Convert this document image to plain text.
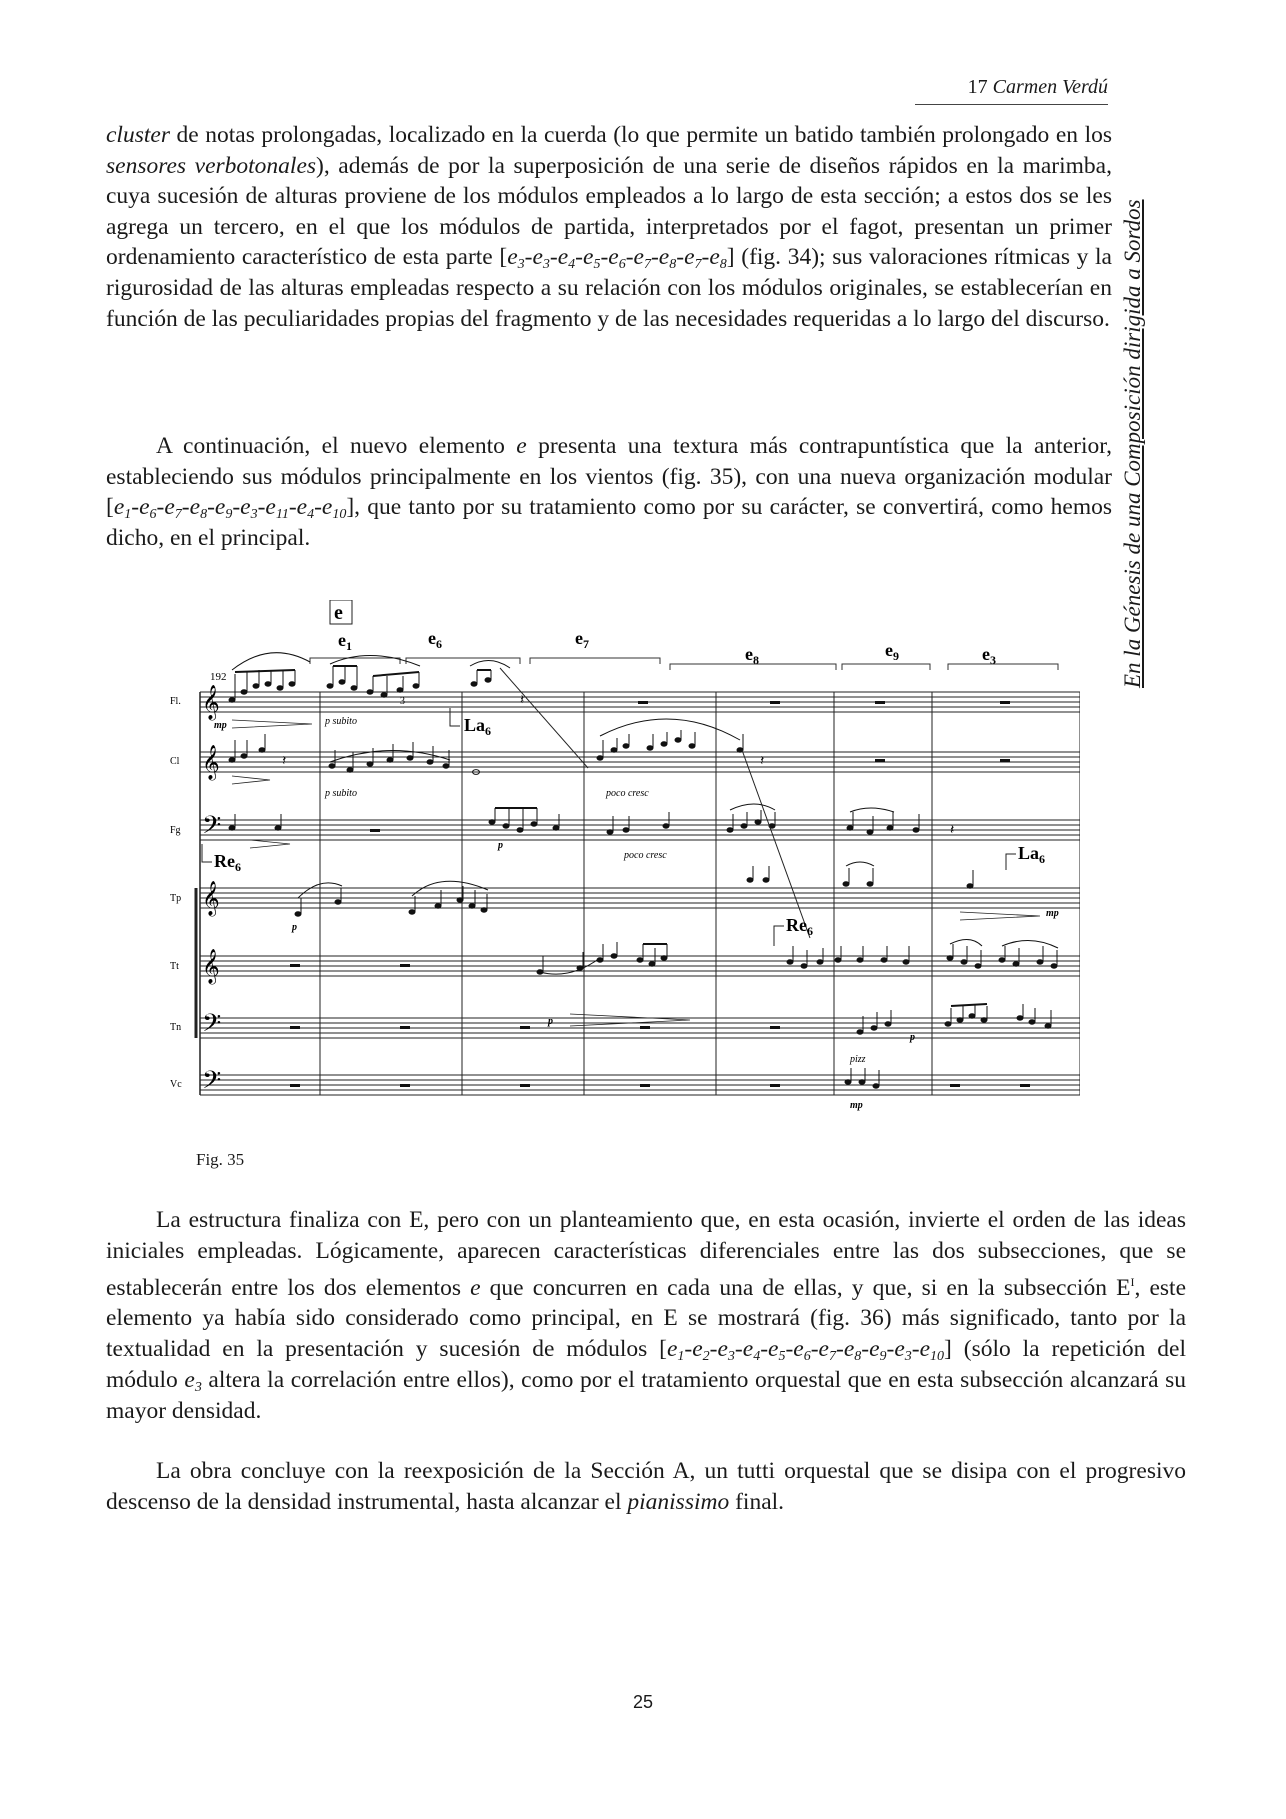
17 Carmen Verdú
En la Génesis de una Composición dirigida a Sordos

cluster de notas prolongadas, localizado en la cuerda (lo que permite un batido también prolongado en los sensores verbotonales), además de por la superposición de una serie de diseños rápidos en la marimba, cuya sucesión de alturas proviene de los módulos empleados a lo largo de esta sección; a estos dos se les agrega un tercero, en el que los módulos de partida, interpretados por el fagot, presentan un primer ordenamiento característico de esta parte $[e_3-e_3-e_4-e_5-e_6-e_7-e_8-e_7-e_8]$ (fig. 34); sus valoraciones rítmicas y la rigurosidad de las alturas empleadas respecto a su relación con los módulos originales, se establecerían en función de las peculiaridades propias del fragmento y de las necesidades requeridas a lo largo del discurso.

A continuación, el nuevo elemento e presenta una textura más contrapuntística que la anterior, estableciendo sus módulos principalmente en los vientos (fig. 35), con una nueva organización modular $[e_1-e_6-e_7-e_8-e_9-e_3-e_{11}-e_4-e_{10}]$, que tanto por su tratamiento como por su carácter, se convertirá, como hemos dicho, en el principal.

e
$e_1$	$e_6$	$e_7$	$e_8$	$e_9$	$e_3$
192
Fl.
Cl
Fg
Tp
Tt
Tn
Vc
𝄞
𝄞
𝄢
𝄞
𝄞
𝄢
𝄢
𝄽
𝄽	𝄽
𝄽
$La_6$
$Re_6$
$La_6$
$Re_6$
mp	p subito
p subito	poco cresc
poco cresc
p
p
p
p
mp
mp
pizz
3
Fig. 35

La estructura finaliza con E, pero con un planteamiento que, en esta ocasión, invierte el orden de las ideas iniciales empleadas. Lógicamente, aparecen características diferenciales entre las dos subsecciones, que se establecerán entre los dos elementos e que concurren en cada una de ellas, y que, si en la subsección $E^I$, este elemento ya había sido considerado como principal, en E se mostrará (fig. 36) más significado, tanto por la textualidad en la presentación y sucesión de módulos $[e_1-e_2-e_3-e_4-e_5-e_6-e_7-e_8-e_9-e_3-e_{10}]$ (sólo la repetición del módulo $e_3$ altera la correlación entre ellos), como por el tratamiento orquestal que en esta subsección alcanzará su mayor densidad.

La obra concluye con la reexposición de la Sección A, un tutti orquestal que se disipa con el progresivo descenso de la densidad instrumental, hasta alcanzar el pianissimo final.

25
